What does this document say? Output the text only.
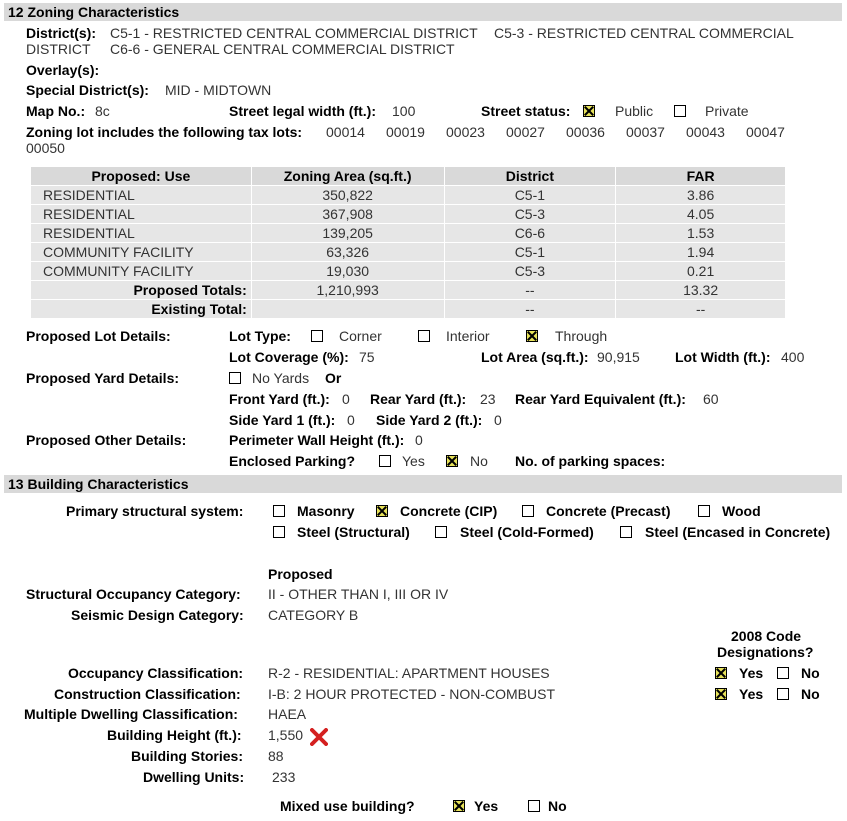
12 Zoning Characteristics
District(s): C5-1 - RESTRICTED CENTRAL COMMERCIAL DISTRICT C5-3 - RESTRICTED CENTRAL COMMERCIAL
DISTRICT C6-6 - GENERAL CENTRAL COMMERCIAL DISTRICT
Overlay(s):
Special District(s): MID - MIDTOWN
Map No.: 8c	Street legal width (ft.): 100	Street status:	Public	Private
Zoning lot includes the following tax lots: 00014 00019 00023 00027 00036 00037 00043 00047
00050
Proposed: Use	Zoning Area (sq.ft.)	District	FAR
RESIDENTIAL	350,822	C5-1	3.86
RESIDENTIAL	367,908	C5-3	4.05
RESIDENTIAL	139,205	C6-6	1.53
COMMUNITY FACILITY	63,326	C5-1	1.94
COMMUNITY FACILITY	19,030	C5-3	0.21
Proposed Totals:	1,210,993	--	13.32
Existing Total:		--	--
Proposed Lot Details:	Lot Type:	Corner	Interior	Through
Lot Coverage (%): 75	Lot Area (sq.ft.): 90,915	Lot Width (ft.): 400
Proposed Yard Details:	No Yards Or
Front Yard (ft.): 0 Rear Yard (ft.): 23 Rear Yard Equivalent (ft.): 60
Side Yard 1 (ft.): 0 Side Yard 2 (ft.): 0
Proposed Other Details:	Perimeter Wall Height (ft.): 0
Enclosed Parking?	Yes	No No. of parking spaces:
13 Building Characteristics
Primary structural system:	Masonry	Concrete (CIP)	Concrete (Precast)	Wood
Steel (Structural)	Steel (Cold-Formed)	Steel (Encased in Concrete)
Proposed
Structural Occupancy Category: II - OTHER THAN I, III OR IV
Seismic Design Category: CATEGORY B
2008 Code
Designations?
Occupancy Classification: R-2 - RESIDENTIAL: APARTMENT HOUSES	Yes	No
Construction Classification: I-B: 2 HOUR PROTECTED - NON-COMBUST	Yes	No
Multiple Dwelling Classification: HAEA
Building Height (ft.): 1,550
Building Stories: 88
Dwelling Units: 233
Mixed use building?	Yes	No
